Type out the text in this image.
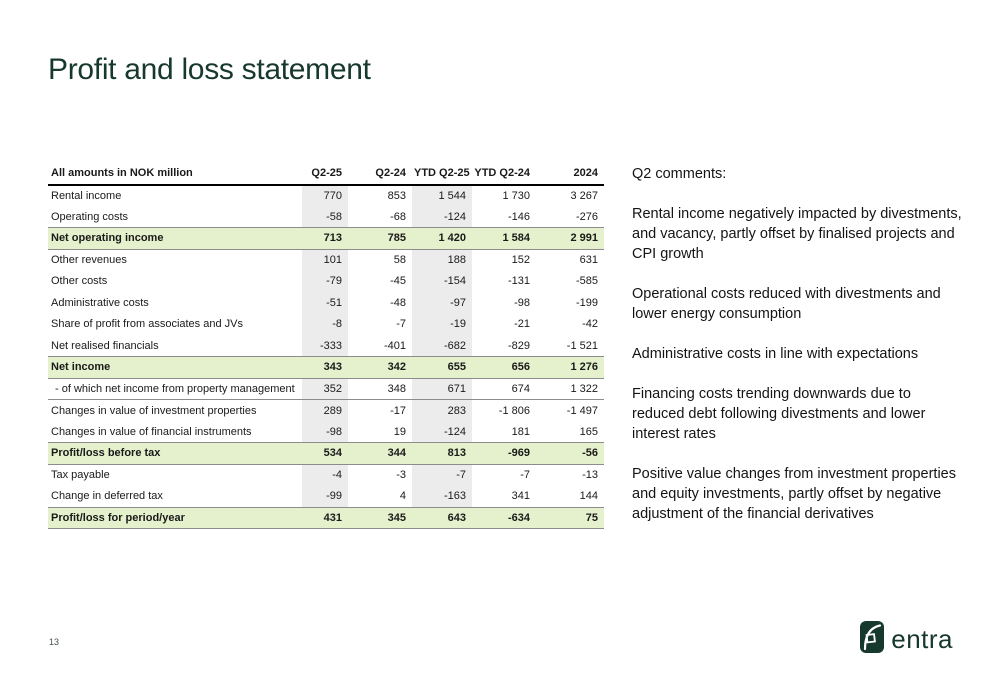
Profit and loss statement
All amounts in NOK million	Q2-25	Q2-24	YTD Q2-25	YTD Q2-24	2024
Rental income	770	853	1 544	1 730	3 267
Operating costs	-58	-68	-124	-146	-276
Net operating income	713	785	1 420	1 584	2 991
Other revenues	101	58	188	152	631
Other costs	-79	-45	-154	-131	-585
Administrative costs	-51	-48	-97	-98	-199
Share of profit from associates and JVs	-8	-7	-19	-21	-42
Net realised financials	-333	-401	-682	-829	-1 521
Net income	343	342	655	656	1 276
- of which net income from property management	352	348	671	674	1 322
Changes in value of investment properties	289	-17	283	-1 806	-1 497
Changes in value of financial instruments	-98	19	-124	181	165
Profit/loss before tax	534	344	813	-969	-56
Tax payable	-4	-3	-7	-7	-13
Change in deferred tax	-99	4	-163	341	144
Profit/loss for period/year	431	345	643	-634	75

Q2 comments:

Rental income negatively impacted by divestments, and vacancy, partly offset by finalised projects and CPI growth

Operational costs reduced with divestments and lower energy consumption

Administrative costs in line with expectations

Financing costs trending downwards due to reduced debt following divestments and lower interest rates

Positive value changes from investment properties and equity investments, partly offset by negative adjustment of the financial derivatives

13	entra
